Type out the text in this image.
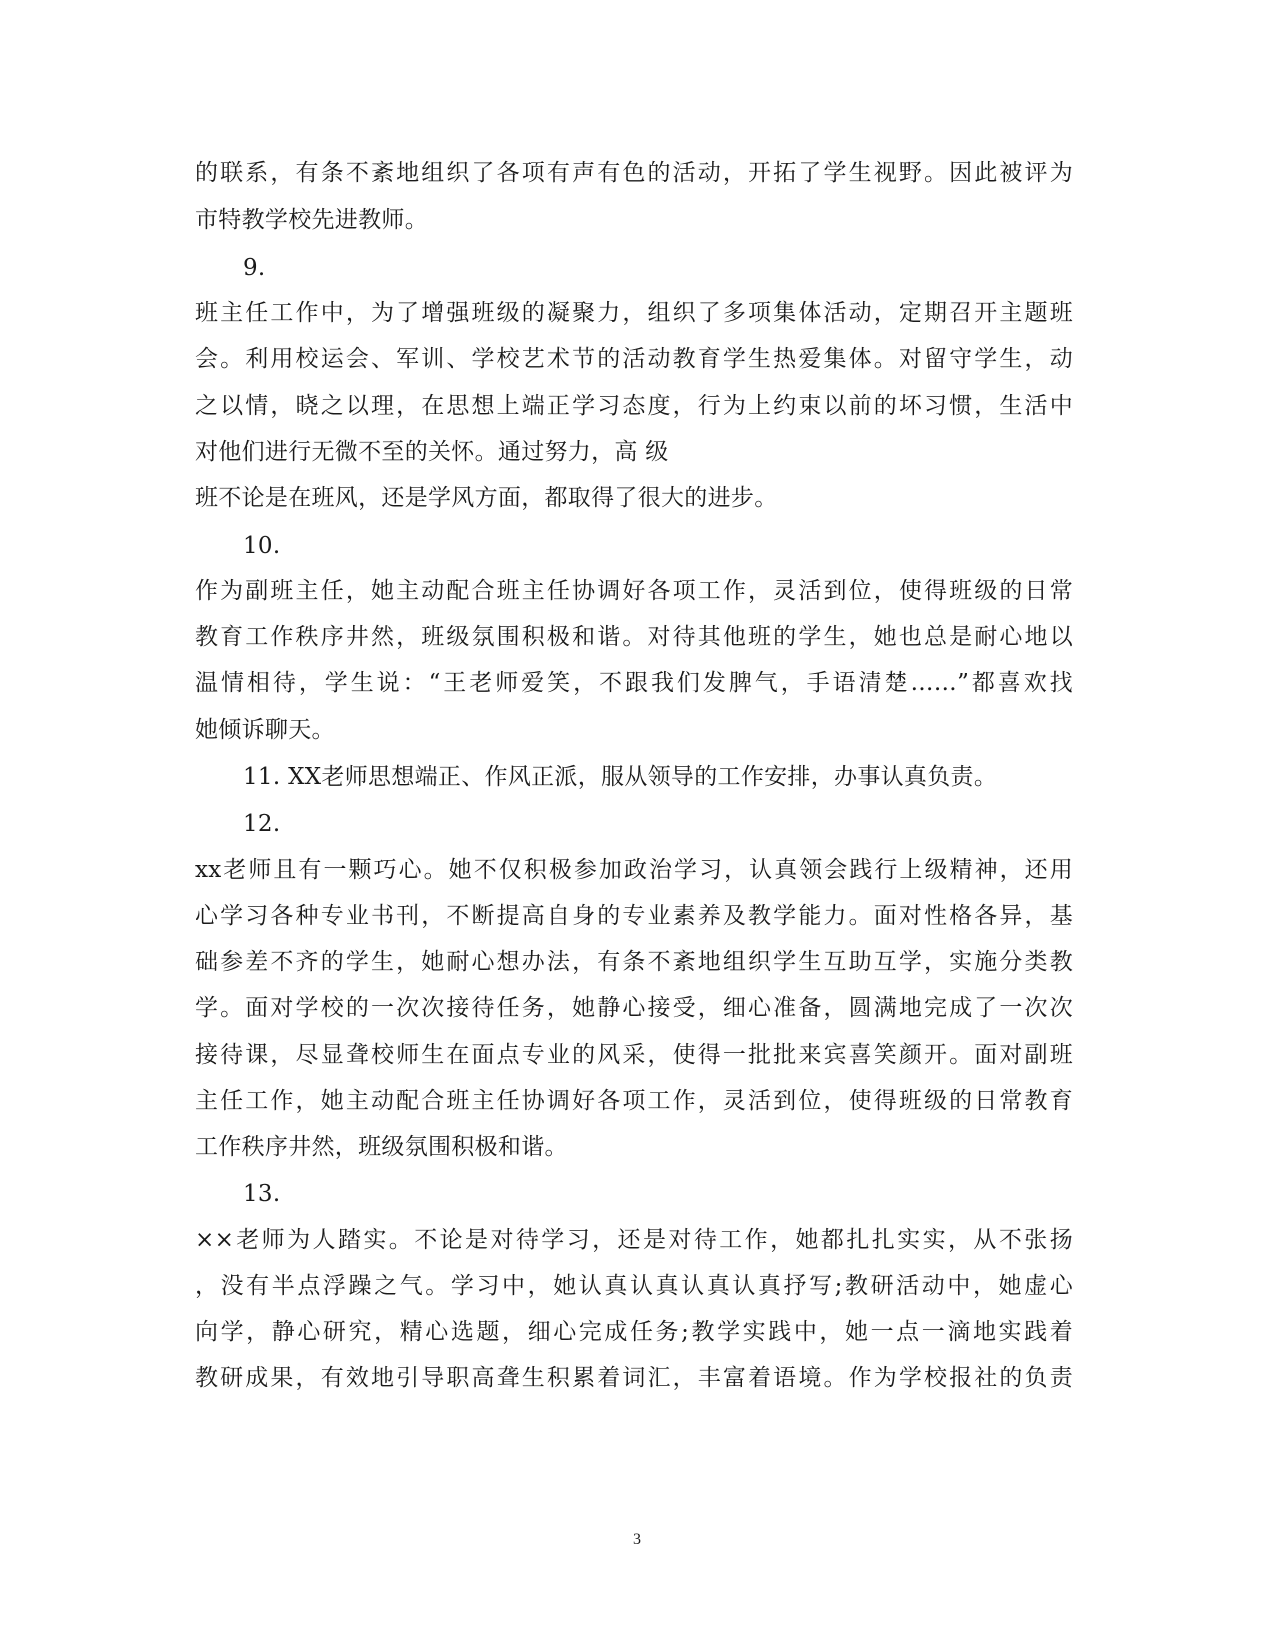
的联系，有条不紊地组织了各项有声有色的活动，开拓了学生视野。因此被评为
市特教学校先进教师。
9.
班主任工作中，为了增强班级的凝聚力，组织了多项集体活动，定期召开主题班
会。利用校运会、军训、学校艺术节的活动教育学生热爱集体。对留守学生，动
之以情，晓之以理，在思想上端正学习态度，行为上约束以前的坏习惯，生活中
对他们进行无微不至的关怀。通过努力，高 级
班不论是在班风，还是学风方面，都取得了很大的进步。
10.
作为副班主任，她主动配合班主任协调好各项工作，灵活到位，使得班级的日常
教育工作秩序井然，班级氛围积极和谐。对待其他班的学生，她也总是耐心地以
温情相待，学生说：“王老师爱笑，不跟我们发脾气，手语清楚……”都喜欢找
她倾诉聊天。
11. XX老师思想端正、作风正派，服从领导的工作安排，办事认真负责。
12.
xx老师且有一颗巧心。她不仅积极参加政治学习，认真领会践行上级精神，还用
心学习各种专业书刊，不断提高自身的专业素养及教学能力。面对性格各异，基
础参差不齐的学生，她耐心想办法，有条不紊地组织学生互助互学，实施分类教
学。面对学校的一次次接待任务，她静心接受，细心准备，圆满地完成了一次次
接待课，尽显聋校师生在面点专业的风采，使得一批批来宾喜笑颜开。面对副班
主任工作，她主动配合班主任协调好各项工作，灵活到位，使得班级的日常教育
工作秩序井然，班级氛围积极和谐。
13.
××老师为人踏实。不论是对待学习，还是对待工作，她都扎扎实实，从不张扬
，没有半点浮躁之气。学习中，她认真认真认真认真抒写;教研活动中，她虚心
向学，静心研究，精心选题，细心完成任务;教学实践中，她一点一滴地实践着
教研成果，有效地引导职高聋生积累着词汇，丰富着语境。作为学校报社的负责
3
